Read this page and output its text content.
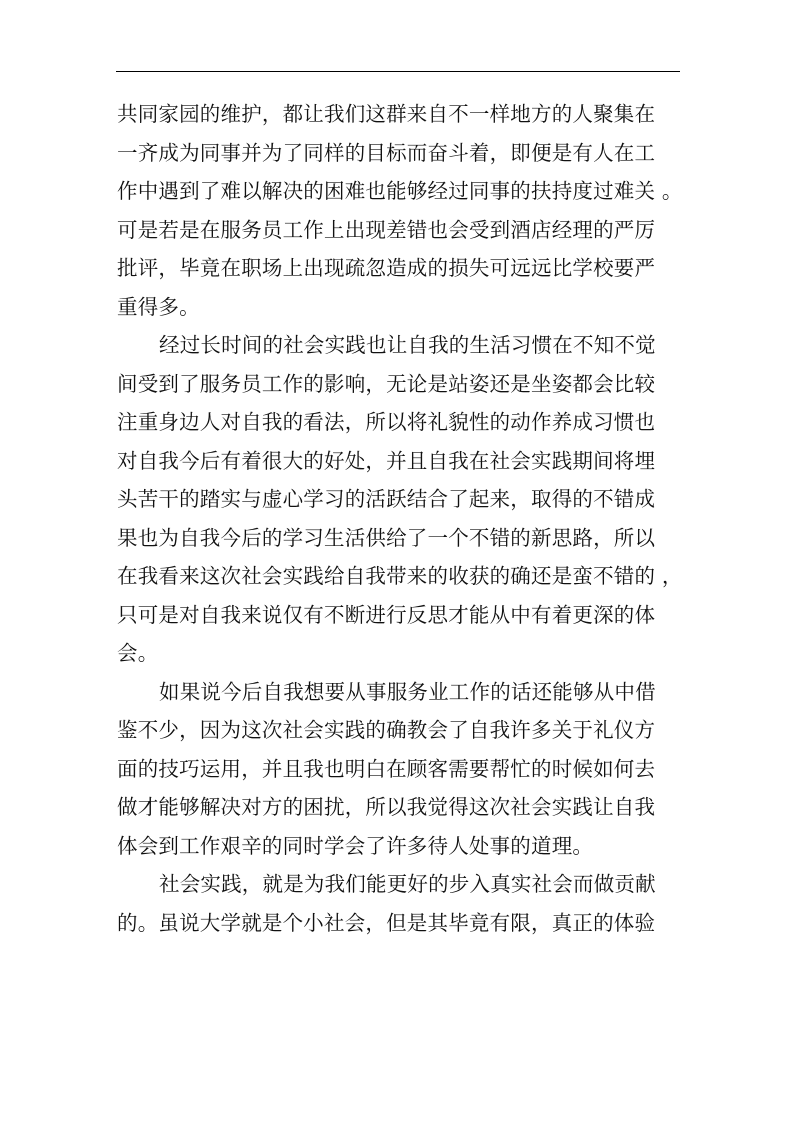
共同家园的维护，都让我们这群来自不一样地方的人聚集在
一齐成为同事并为了同样的目标而奋斗着，即便是有人在工
作中遇到了难以解决的困难也能够经过同事的扶持度过难关 。
可是若是在服务员工作上出现差错也会受到酒店经理的严厉
批评，毕竟在职场上出现疏忽造成的损失可远远比学校要严
重得多。
经过长时间的社会实践也让自我的生活习惯在不知不觉
间受到了服务员工作的影响，无论是站姿还是坐姿都会比较
注重身边人对自我的看法，所以将礼貌性的动作养成习惯也
对自我今后有着很大的好处，并且自我在社会实践期间将埋
头苦干的踏实与虚心学习的活跃结合了起来，取得的不错成
果也为自我今后的学习生活供给了一个不错的新思路，所以
在我看来这次社会实践给自我带来的收获的确还是蛮不错的 ，
只可是对自我来说仅有不断进行反思才能从中有着更深的体
会。
如果说今后自我想要从事服务业工作的话还能够从中借
鉴不少，因为这次社会实践的确教会了自我许多关于礼仪方
面的技巧运用，并且我也明白在顾客需要帮忙的时候如何去
做才能够解决对方的困扰，所以我觉得这次社会实践让自我
体会到工作艰辛的同时学会了许多待人处事的道理。
社会实践，就是为我们能更好的步入真实社会而做贡献
的。虽说大学就是个小社会，但是其毕竟有限，真正的体验
